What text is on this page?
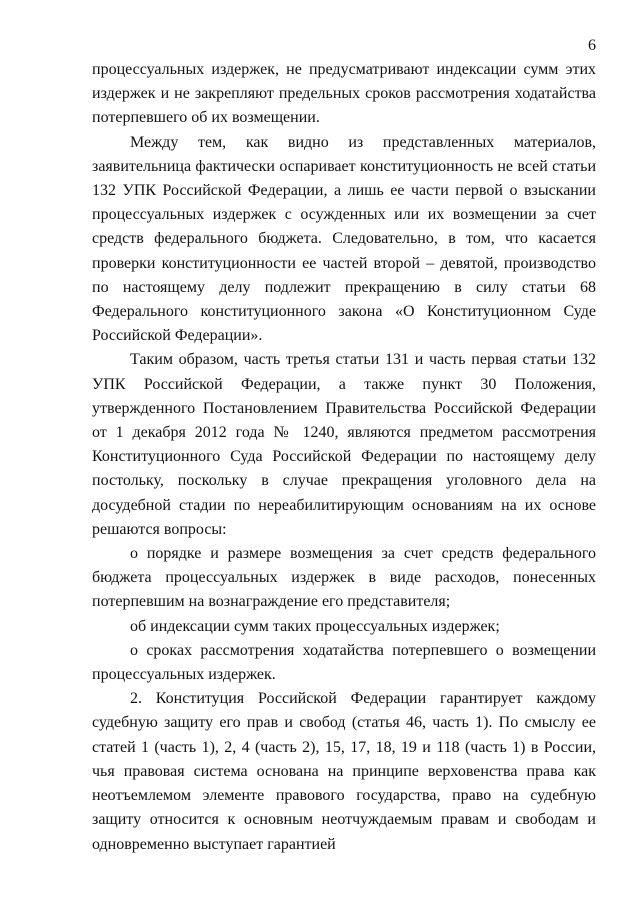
6

процессуальных издержек, не предусматривают индексации сумм этих издержек и не закрепляют предельных сроков рассмотрения ходатайства потерпевшего об их возмещении.

Между тем, как видно из представленных материалов, заявительница фактически оспаривает конституционность не всей статьи 132 УПК Российской Федерации, а лишь ее части первой о взыскании процессуальных издержек с осужденных или их возмещении за счет средств федерального бюджета. Следовательно, в том, что касается проверки конституционности ее частей второй – девятой, производство по настоящему делу подлежит прекращению в силу статьи 68 Федерального конституционного закона «О Конституционном Суде Российской Федерации».

Таким образом, часть третья статьи 131 и часть первая статьи 132 УПК Российской Федерации, а также пункт 30 Положения, утвержденного Постановлением Правительства Российской Федерации от 1 декабря 2012 года № 1240, являются предметом рассмотрения Конституционного Суда Российской Федерации по настоящему делу постольку, поскольку в случае прекращения уголовного дела на досудебной стадии по нереабилитирующим основаниям на их основе решаются вопросы:

о порядке и размере возмещения за счет средств федерального бюджета процессуальных издержек в виде расходов, понесенных потерпевшим на вознаграждение его представителя;

об индексации сумм таких процессуальных издержек;

о сроках рассмотрения ходатайства потерпевшего о возмещении процессуальных издержек.

2. Конституция Российской Федерации гарантирует каждому судебную защиту его прав и свобод (статья 46, часть 1). По смыслу ее статей 1 (часть 1), 2, 4 (часть 2), 15, 17, 18, 19 и 118 (часть 1) в России, чья правовая система основана на принципе верховенства права как неотъемлемом элементе правового государства, право на судебную защиту относится к основным неотчуждаемым правам и свободам и одновременно выступает гарантией
